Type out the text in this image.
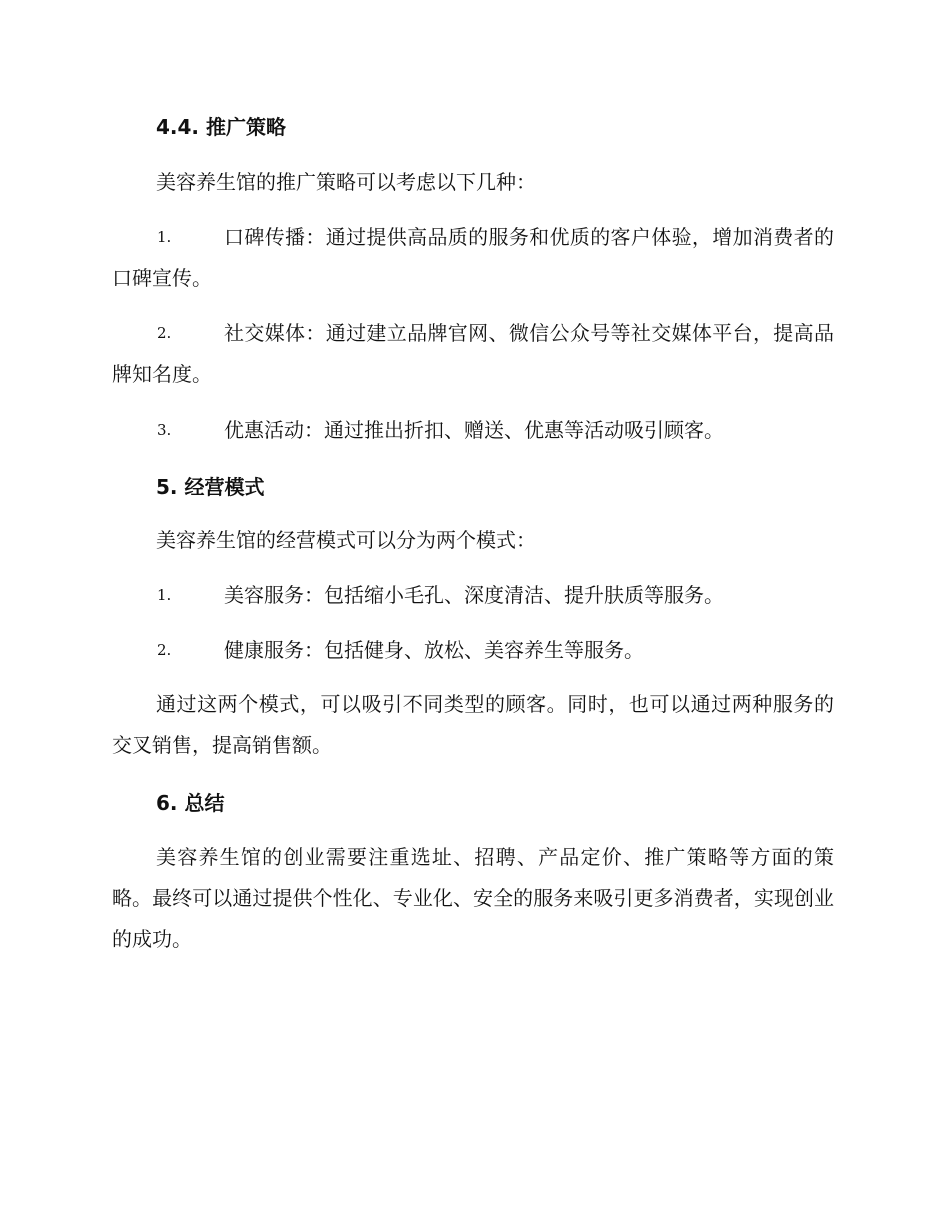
4.4. 推广策略
美容养生馆的推广策略可以考虑以下几种：
1.	口碑传播：通过提供高品质的服务和优质的客户体验，增加消费者的口碑宣传。
2.	社交媒体：通过建立品牌官网、微信公众号等社交媒体平台，提高品牌知名度。
3.	优惠活动：通过推出折扣、赠送、优惠等活动吸引顾客。
5. 经营模式
美容养生馆的经营模式可以分为两个模式：
1.	美容服务：包括缩小毛孔、深度清洁、提升肤质等服务。
2.	健康服务：包括健身、放松、美容养生等服务。
通过这两个模式，可以吸引不同类型的顾客。同时，也可以通过两种服务的交叉销售，提高销售额。
6. 总结
美容养生馆的创业需要注重选址、招聘、产品定价、推广策略等方面的策略。最终可以通过提供个性化、专业化、安全的服务来吸引更多消费者，实现创业的成功。
